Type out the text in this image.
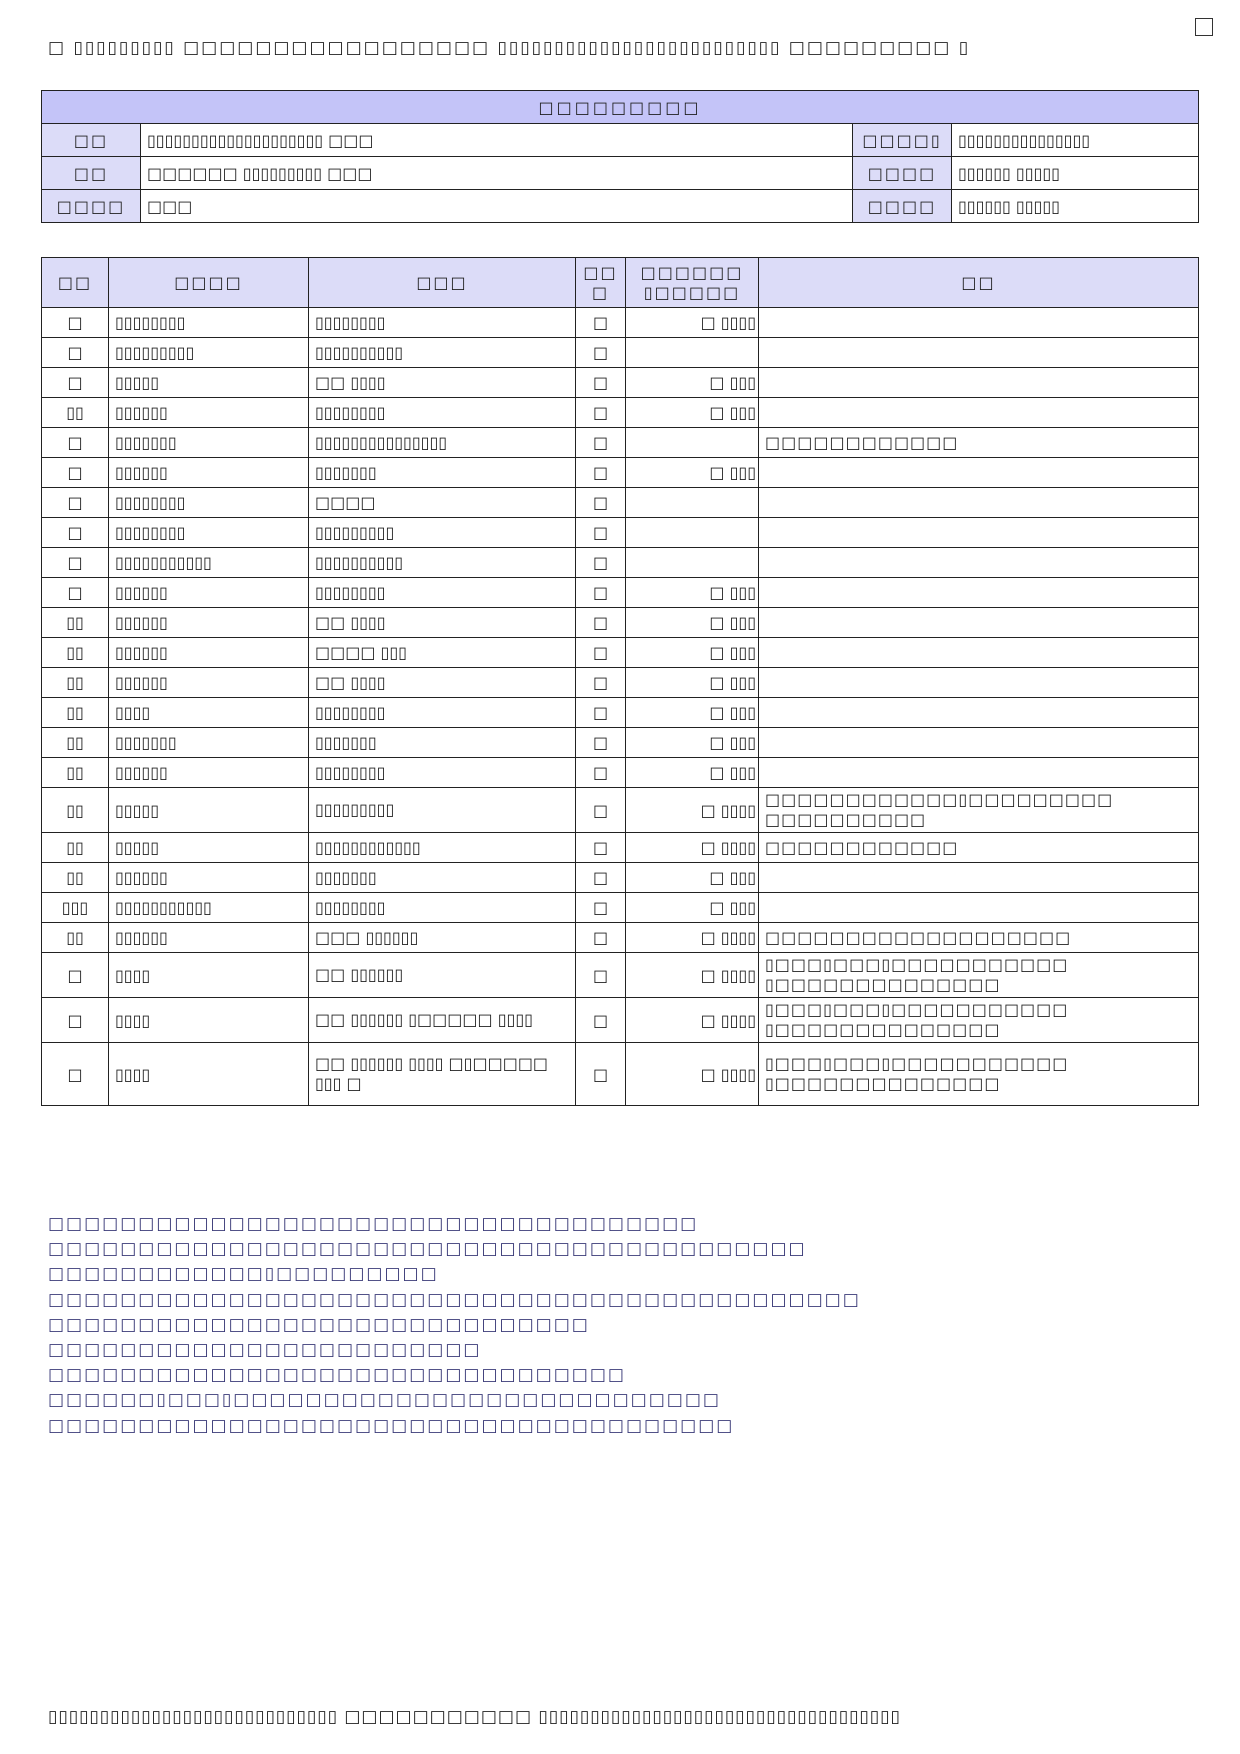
□ ▯▯▯▯▯▯▯▯▯ □□□□□□□□□□□□□□□□□ ▯▯▯▯▯▯▯▯▯▯▯▯▯▯▯▯▯▯▯▯▯▯▯▯▯ □□□□□□□□□ ▯
□□□□□□□□□			
□□	▯▯▯▯▯▯▯▯▯▯▯▯▯▯▯▯▯▯▯▯ □□□	□□□□▯	▯▯▯▯▯▯▯▯▯▯▯▯▯▯▯
□□	□□□□□□ ▯▯▯▯▯▯▯▯▯ □□□	□□□□	▯▯▯▯▯▯ ▯▯▯▯▯
□□□□	□□□	□□□□	▯▯▯▯▯▯ ▯▯▯▯▯
□□	□□□□	□□□	□□ □	□□□□□□ ▯□□□□□	□□
□	▯▯▯▯▯▯▯▯	▯▯▯▯▯▯▯▯	□	□ ▯▯▯▯	
□	▯▯▯▯▯▯▯▯▯	▯▯▯▯▯▯▯▯▯▯	□		
□	▯▯▯▯▯	□□ ▯▯▯▯	□	□ ▯▯▯	
▯▯	▯▯▯▯▯▯	▯▯▯▯▯▯▯▯	□	□ ▯▯▯	
□	▯▯▯▯▯▯▯	▯▯▯▯▯▯▯▯▯▯▯▯▯▯▯	□		□□□□□□□□□□□□
□	▯▯▯▯▯▯	▯▯▯▯▯▯▯	□	□ ▯▯▯	
□	▯▯▯▯▯▯▯▯	□□□□	□		
□	▯▯▯▯▯▯▯▯	▯▯▯▯▯▯▯▯▯	□		
□	▯▯▯▯▯▯▯▯▯▯▯	▯▯▯▯▯▯▯▯▯▯	□		
□	▯▯▯▯▯▯	▯▯▯▯▯▯▯▯	□	□ ▯▯▯	
▯▯	▯▯▯▯▯▯	□□ ▯▯▯▯	□	□ ▯▯▯	
▯▯	▯▯▯▯▯▯	□□□□ ▯▯▯	□	□ ▯▯▯	
▯▯	▯▯▯▯▯▯	□□ ▯▯▯▯	□	□ ▯▯▯	
▯▯	▯▯▯▯	▯▯▯▯▯▯▯▯	□	□ ▯▯▯	
▯▯	▯▯▯▯▯▯▯	▯▯▯▯▯▯▯	□	□ ▯▯▯	
▯▯	▯▯▯▯▯▯	▯▯▯▯▯▯▯▯	□	□ ▯▯▯	
▯▯	▯▯▯▯▯	▯▯▯▯▯▯▯▯▯	□	□ ▯▯▯▯	□□□□□□□□□□□□▯□□□□□□□□□ □□□□□□□□□□
▯▯	▯▯▯▯▯	▯▯▯▯▯▯▯▯▯▯▯▯	□	□ ▯▯▯▯	□□□□□□□□□□□□
▯▯	▯▯▯▯▯▯	▯▯▯▯▯▯▯	□	□ ▯▯▯	
▯▯▯	▯▯▯▯▯▯▯▯▯▯▯	▯▯▯▯▯▯▯▯	□	□ ▯▯▯	
▯▯	▯▯▯▯▯▯	□□□ ▯▯▯▯▯▯	□	□ ▯▯▯▯	□□□□□□□□□□□□□□□□□□□
□	▯▯▯▯	□□ ▯▯▯▯▯▯	□	□ ▯▯▯▯	▯□□□▯□□□▯□□□□□□□□□□□ ▯□□□□□□□□□□□□□□
□	▯▯▯▯	□□ ▯▯▯▯▯▯ ▯□□□□□ ▯▯▯▯	□	□ ▯▯▯▯	▯□□□▯□□□▯□□□□□□□□□□□ ▯□□□□□□□□□□□□□□
□	▯▯▯▯	□□ ▯▯▯▯▯▯ ▯▯▯▯ □▯□□□□□ ▯▯▯ □	□	□ ▯▯▯▯	▯□□□▯□□□▯□□□□□□□□□□□ ▯□□□□□□□□□□□□□□
□□□□□□□□□□□□□□□□□□□□□□□□□□□□□□□□□□□□
□□□□□□□□□□□□□□□□□□□□□□□□□□□□□□□□□□□□□□□□□□
□□□□□□□□□□□□▯□□□□□□□□□
□□□□□□□□□□□□□□□□□□□□□□□□□□□□□□□□□□□□□□□□□□□□□
□□□□□□□□□□□□□□□□□□□□□□□□□□□□□□
□□□□□□□□□□□□□□□□□□□□□□□□
□□□□□□□□□□□□□□□□□□□□□□□□□□□□□□□□
□□□□□□▯□□□▯□□□□□□□□□□□□□□□□□□□□□□□□□□□
□□□□□□□□□□□□□□□□□□□□□□□□□□□□□□□□□□□□□□
▯▯▯▯▯▯▯▯▯▯▯▯▯▯▯▯▯▯▯▯▯▯▯▯▯▯▯▯ □□□□□□□□□□□ ▯▯▯▯▯▯▯▯▯▯▯▯▯▯▯▯▯▯▯▯▯▯▯▯▯▯▯▯▯▯▯▯▯▯▯
